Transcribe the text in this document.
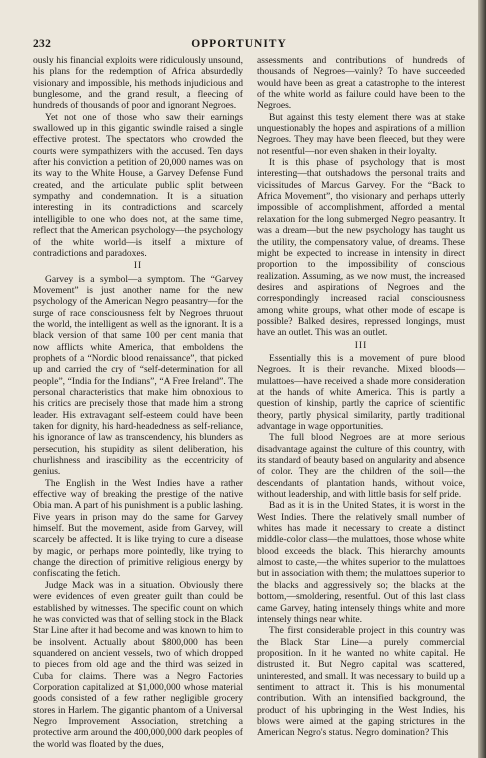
232	OPPORTUNITY

ously his financial exploits were ridiculously unsound, his plans for the redemption of Africa absurdedly visionary and impossible, his methods injudicious and bunglesome, and the grand result, a fleecing of hundreds of thousands of poor and ignorant Negroes.

Yet not one of those who saw their earnings swallowed up in this gigantic swindle raised a single effective protest. The spectators who crowded the courts were sympathizers with the accused. Ten days after his conviction a petition of 20,000 names was on its way to the White House, a Garvey Defense Fund created, and the articulate public split between sympathy and condemnation. It is a situation interesting in its contradictions and scarcely intelligible to one who does not, at the same time, reflect that the American psychology—the psychology of the white world—is itself a mixture of contradictions and paradoxes.

II

Garvey is a symbol—a symptom. The “Garvey Movement” is just another name for the new psychology of the American Negro peasantry—for the surge of race consciousness felt by Negroes thruout the world, the intelligent as well as the ignorant. It is a black version of that same 100 per cent mania that now afflicts white America, that emboldens the prophets of a “Nordic blood renaissance”, that picked up and carried the cry of “self-determination for all people”, “India for the Indians”, “A Free Ireland”. The personal characteristics that make him obnoxious to his critics are precisely those that made him a strong leader. His extravagant self-esteem could have been taken for dignity, his hard-headedness as self-reliance, his ignorance of law as transcendency, his blunders as persecution, his stupidity as silent deliberation, his churlishness and irascibility as the eccentricity of genius.

The English in the West Indies have a rather effective way of breaking the prestige of the native Obia man. A part of his punishment is a public lashing. Five years in prison may do the same for Garvey himself. But the movement, aside from Garvey, will scarcely be affected. It is like trying to cure a disease by magic, or perhaps more pointedly, like trying to change the direction of primitive religious energy by confiscating the fetich.

Judge Mack was in a situation. Obviously there were evidences of even greater guilt than could be established by witnesses. The specific count on which he was convicted was that of selling stock in the Black Star Line after it had become and was known to him to be insolvent. Actually about $800,000 has been squandered on ancient vessels, two of which dropped to pieces from old age and the third was seized in Cuba for claims. There was a Negro Factories Corporation capitalized at $1,000,000 whose material goods consisted of a few rather negligible grocery stores in Harlem. The gigantic phantom of a Universal Negro Improvement Association, stretching a protective arm around the 400,000,000 dark peoples of the world was floated by the dues,

assessments and contributions of hundreds of thousands of Negroes—vainly? To have succeeded would have been as great a catastrophe to the interest of the white world as failure could have been to the Negroes.

But against this testy element there was at stake unquestionably the hopes and aspirations of a million Negroes. They may have been fleeced, but they were not resentful—nor even shaken in their loyalty.

It is this phase of psychology that is most interesting—that outshadows the personal traits and vicissitudes of Marcus Garvey. For the “Back to Africa Movement”, tho visionary and perhaps utterly impossible of accomplishment, afforded a mental relaxation for the long submerged Negro peasantry. It was a dream—but the new psychology has taught us the utility, the compensatory value, of dreams. These might be expected to increase in intensity in direct proportion to the impossibility of conscious realization. Assuming, as we now must, the increased desires and aspirations of Negroes and the correspondingly increased racial consciousness among white groups, what other mode of escape is possible? Balked desires, repressed longings, must have an outlet. This was an outlet.

III

Essentially this is a movement of pure blood Negroes. It is their revanche. Mixed bloods—mulattoes—have received a shade more consideration at the hands of white America. This is partly a question of kinship, partly the caprice of scientific theory, partly physical similarity, partly traditional advantage in wage opportunities.

The full blood Negroes are at more serious disadvantage against the culture of this country, with its standard of beauty based on angularity and absence of color. They are the children of the soil—the descendants of plantation hands, without voice, without leadership, and with little basis for self pride.

Bad as it is in the United States, it is worst in the West Indies. There the relatively small number of whites has made it necessary to create a distinct middle-color class—the mulattoes, those whose white blood exceeds the black. This hierarchy amounts almost to caste,—the whites superior to the mulattoes but in association with them; the mulattoes superior to the blacks and aggressively so; the blacks at the bottom,—smoldering, resentful. Out of this last class came Garvey, hating intensely things white and more intensely things near white.

The first considerable project in this country was the Black Star Line—a purely commercial proposition. In it he wanted no white capital. He distrusted it. But Negro capital was scattered, uninterested, and small. It was necessary to build up a sentiment to attract it. This is his monumental contribution. With an intensified background, the product of his upbringing in the West Indies, his blows were aimed at the gaping strictures in the American Negro's status. Negro domination? This
